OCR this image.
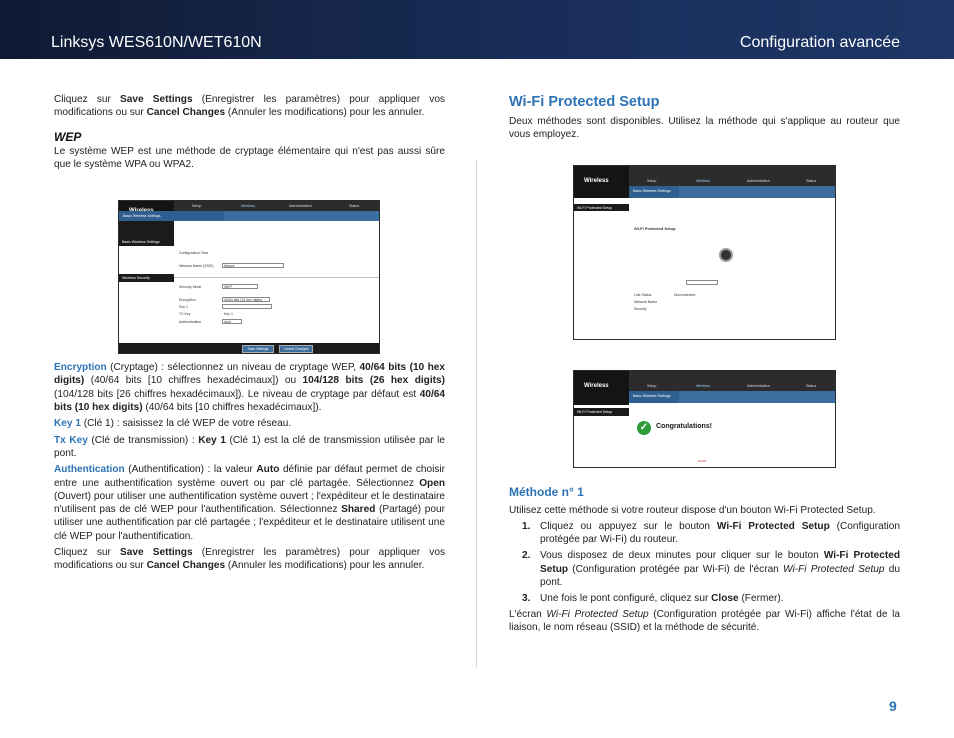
Linksys WES610N/WET610N	Configuration avancée

Cliquez sur Save Settings (Enregistrer les paramètres) pour appliquer vos modifications ou sur Cancel Changes (Annuler les modifications) pour les annuler.

WEP

Le système WEP est une méthode de cryptage élémentaire qui n'est pas aussi sûre que le système WPA ou WPA2.

Encryption (Cryptage) : sélectionnez un niveau de cryptage WEP, 40/64 bits (10 hex digits) (40/64 bits [10 chiffres hexadécimaux]) ou 104/128 bits (26 hex digits) (104/128 bits [26 chiffres hexadécimaux]). Le niveau de cryptage par défaut est 40/64 bits (10 hex digits) (40/64 bits [10 chiffres hexadécimaux]).

Key 1 (Clé 1) : saisissez la clé WEP de votre réseau.

Tx Key (Clé de transmission) : Key 1 (Clé 1) est la clé de transmission utilisée par le pont.

Authentication (Authentification) : la valeur Auto définie par défaut permet de choisir entre une authentification système ouvert ou par clé partagée. Sélectionnez Open (Ouvert) pour utiliser une authentification système ouvert ; l'expéditeur et le destinataire n'utilisent pas de clé WEP pour l'authentification. Sélectionnez Shared (Partagé) pour utiliser une authentification par clé partagée ; l'expéditeur et le destinataire utilisent une clé WEP pour l'authentification.

Cliquez sur Save Settings (Enregistrer les paramètres) pour appliquer vos modifications ou sur Cancel Changes (Annuler les modifications) pour les annuler.

Wi-Fi Protected Setup

Deux méthodes sont disponibles. Utilisez la méthode qui s'applique au routeur que vous employez.

Méthode n° 1

Utilisez cette méthode si votre routeur dispose d'un bouton Wi-Fi Protected Setup.

1. Cliquez ou appuyez sur le bouton Wi-Fi Protected Setup (Configuration protégée par Wi-Fi) du routeur.
2. Vous disposez de deux minutes pour cliquer sur le bouton Wi-Fi Protected Setup (Configuration protégée par Wi-Fi) de l'écran Wi-Fi Protected Setup du pont.
3. Une fois le pont configuré, cliquez sur Close (Fermer).

L'écran Wi-Fi Protected Setup (Configuration protégée par Wi-Fi) affiche l'état de la liaison, le nom réseau (SSID) et la méthode de sécurité.

Setup	Wireless	Administration	Status
Basic Wireless Settings
Basic Wireless Settings
Wireless Security
Configuration View
Network Name (SSID)	linksys
Security Mode	WEP
Encryption	40/64 bits (10 hex digits)
Key 1
TX Key	Key 1
Authentication	Auto
Save Settings	Cancel Changes
Wireless	Setup	Wireless	Administration	Status
Basic Wireless Settings
Wi-Fi Protected Setup
Wi-Fi Protected Setup
Link Status	Disconnected
Network Name
Security
Wireless	Setup	Wireless	Administration	Status
Basic Wireless Settings
Wi-Fi Protected Setup
✓	Congratulations!
•••••••
9
